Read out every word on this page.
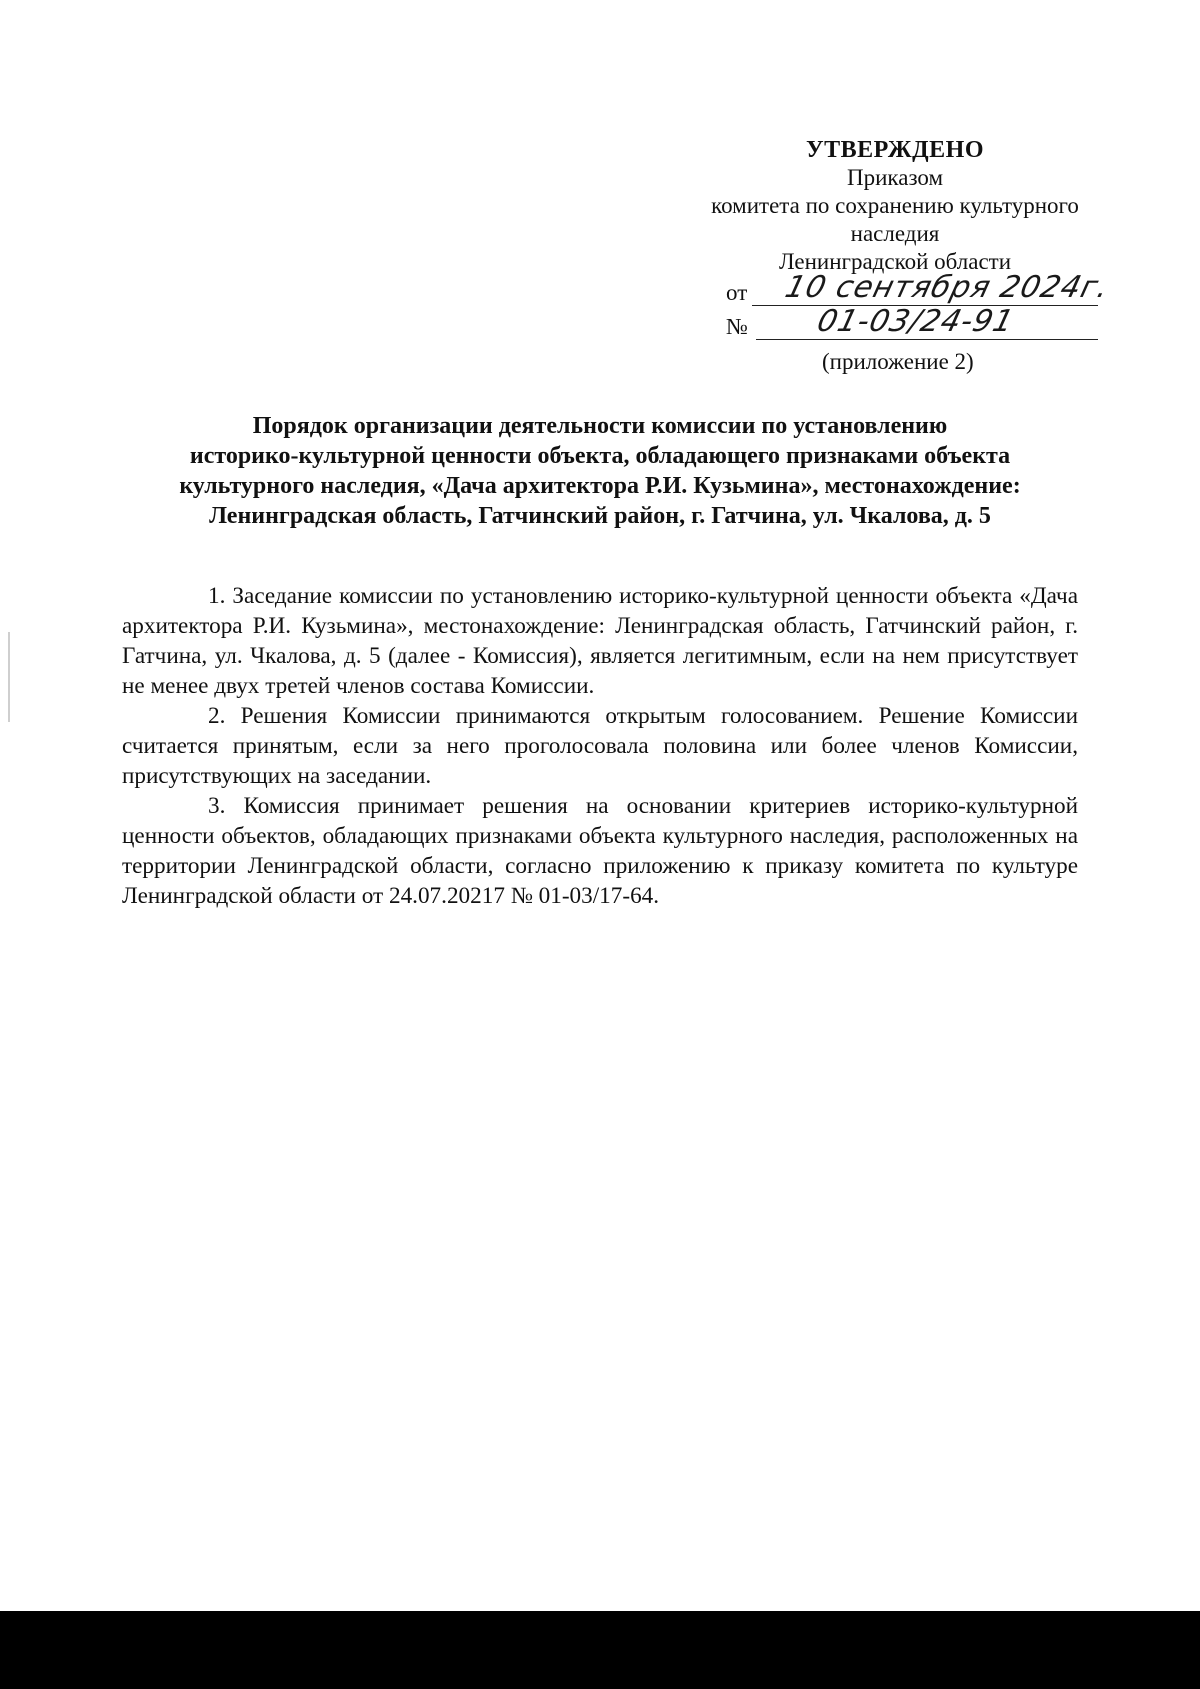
УТВЕРЖДЕНО
Приказом
комитета по сохранению культурного
наследия
Ленинградской области
от 10 сентября 2024г.
№ 01-03/24-91
(приложение 2)
Порядок организации деятельности комиссии по установлению
историко-культурной ценности объекта, обладающего признаками объекта
культурного наследия, «Дача архитектора Р.И. Кузьмина», местонахождение:
Ленинградская область, Гатчинский район, г. Гатчина, ул. Чкалова, д. 5

1. Заседание комиссии по установлению историко-культурной ценности объекта «Дача архитектора Р.И. Кузьмина», местонахождение: Ленинградская область, Гатчинский район, г. Гатчина, ул. Чкалова, д. 5 (далее - Комиссия), является легитимным, если на нем присутствует не менее двух третей членов состава Комиссии.

2. Решения Комиссии принимаются открытым голосованием. Решение Комиссии считается принятым, если за него проголосовала половина или более членов Комиссии, присутствующих на заседании.

3. Комиссия принимает решения на основании критериев историко-культурной ценности объектов, обладающих признаками объекта культурного наследия, расположенных на территории Ленинградской области, согласно приложению к приказу комитета по культуре Ленинградской области от 24.07.20217 № 01-03/17-64.
